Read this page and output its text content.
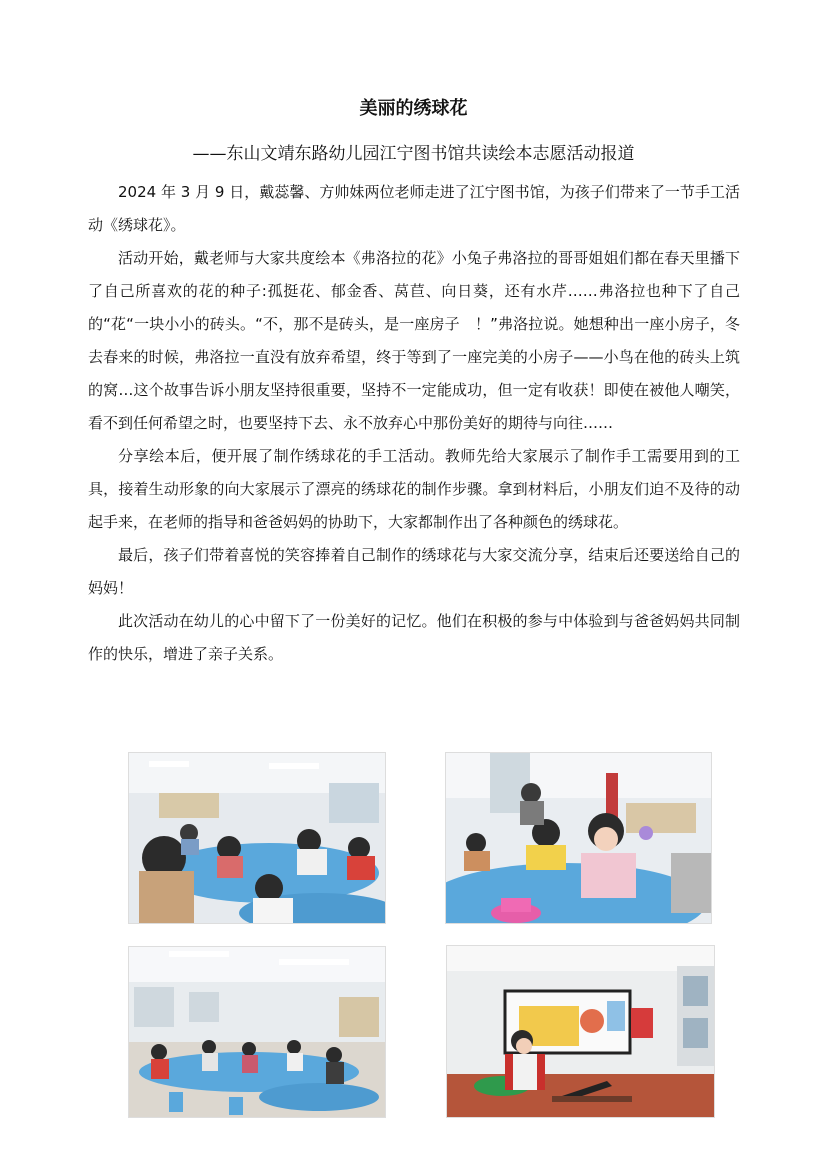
美丽的绣球花
——东山文靖东路幼儿园江宁图书馆共读绘本志愿活动报道

2024 年 3 月 9 日，戴蕊馨、方帅妹两位老师走进了江宁图书馆，为孩子们带来了一节手工活动《绣球花》。

活动开始，戴老师与大家共度绘本《弗洛拉的花》小兔子弗洛拉的哥哥姐姐们都在春天里播下了自己所喜欢的花的种子:孤挺花、郁金香、莴苣、向日葵，还有水芹……弗洛拉也种下了自己的“花“一块小小的砖头。“不，那不是砖头，是一座房子　！”弗洛拉说。她想种出一座小房子，冬去春来的时候，弗洛拉一直没有放弃希望，终于等到了一座完美的小房子——小鸟在他的砖头上筑的窝…这个故事告诉小朋友坚持很重要，坚持不一定能成功，但一定有收获！即使在被他人嘲笑，看不到任何希望之时，也要坚持下去、永不放弃心中那份美好的期待与向往……

分享绘本后，便开展了制作绣球花的手工活动。教师先给大家展示了制作手工需要用到的工具，接着生动形象的向大家展示了漂亮的绣球花的制作步骤。拿到材料后，小朋友们迫不及待的动起手来，在老师的指导和爸爸妈妈的协助下，大家都制作出了各种颜色的绣球花。

最后，孩子们带着喜悦的笑容捧着自己制作的绣球花与大家交流分享，结束后还要送给自己的妈妈！

此次活动在幼儿的心中留下了一份美好的记忆。他们在积极的参与中体验到与爸爸妈妈共同制作的快乐，增进了亲子关系。
